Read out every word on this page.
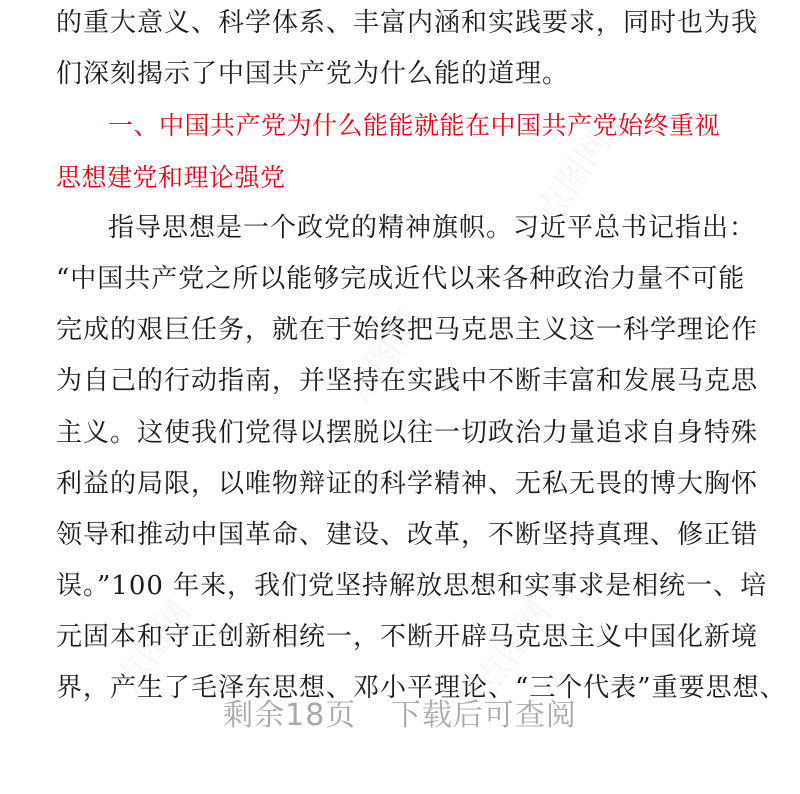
点图网
点图网
点图网
点图网
的重大意义、科学体系、丰富内涵和实践要求，同时也为我
们深刻揭示了中国共产党为什么能的道理。
一、中国共产党为什么能能就能在中国共产党始终重视
思想建党和理论强党
指导思想是一个政党的精神旗帜。习近平总书记指出：
“中国共产党之所以能够完成近代以来各种政治力量不可能
完成的艰巨任务，就在于始终把马克思主义这一科学理论作
为自己的行动指南，并坚持在实践中不断丰富和发展马克思
主义。这使我们党得以摆脱以往一切政治力量追求自身特殊
利益的局限，以唯物辩证的科学精神、无私无畏的博大胸怀
领导和推动中国革命、建设、改革，不断坚持真理、修正错
误。”100 年来，我们党坚持解放思想和实事求是相统一、培
元固本和守正创新相统一，不断开辟马克思主义中国化新境
界，产生了毛泽东思想、邓小平理论、“三个代表”重要思想、
剩余18页 下载后可查阅
